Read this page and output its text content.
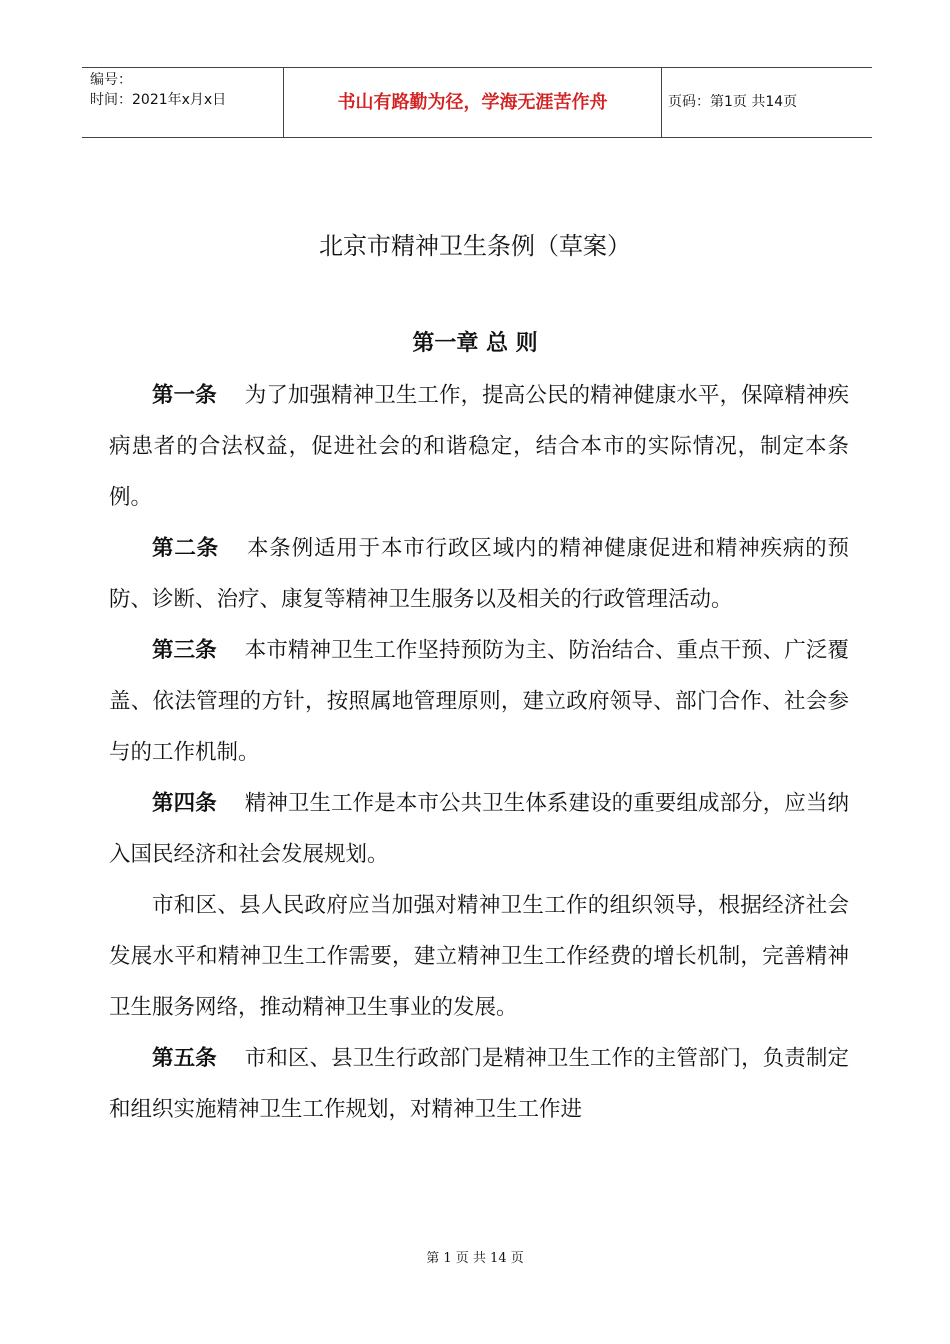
编号：
时间：2021年x月x日	书山有路勤为径，学海无涯苦作舟	页码：第1页 共14页
北京市精神卫生条例（草案）
第一章 总 则

第一条 为了加强精神卫生工作，提高公民的精神健康水平，保障精神疾病患者的合法权益，促进社会的和谐稳定，结合本市的实际情况，制定本条例。

第二条 本条例适用于本市行政区域内的精神健康促进和精神疾病的预防、诊断、治疗、康复等精神卫生服务以及相关的行政管理活动。

第三条 本市精神卫生工作坚持预防为主、防治结合、重点干预、广泛覆盖、依法管理的方针，按照属地管理原则，建立政府领导、部门合作、社会参与的工作机制。

第四条 精神卫生工作是本市公共卫生体系建设的重要组成部分，应当纳入国民经济和社会发展规划。

市和区、县人民政府应当加强对精神卫生工作的组织领导，根据经济社会发展水平和精神卫生工作需要，建立精神卫生工作经费的增长机制，完善精神卫生服务网络，推动精神卫生事业的发展。

第五条 市和区、县卫生行政部门是精神卫生工作的主管部门，负责制定和组织实施精神卫生工作规划，对精神卫生工作进

第 1 页 共 14 页
